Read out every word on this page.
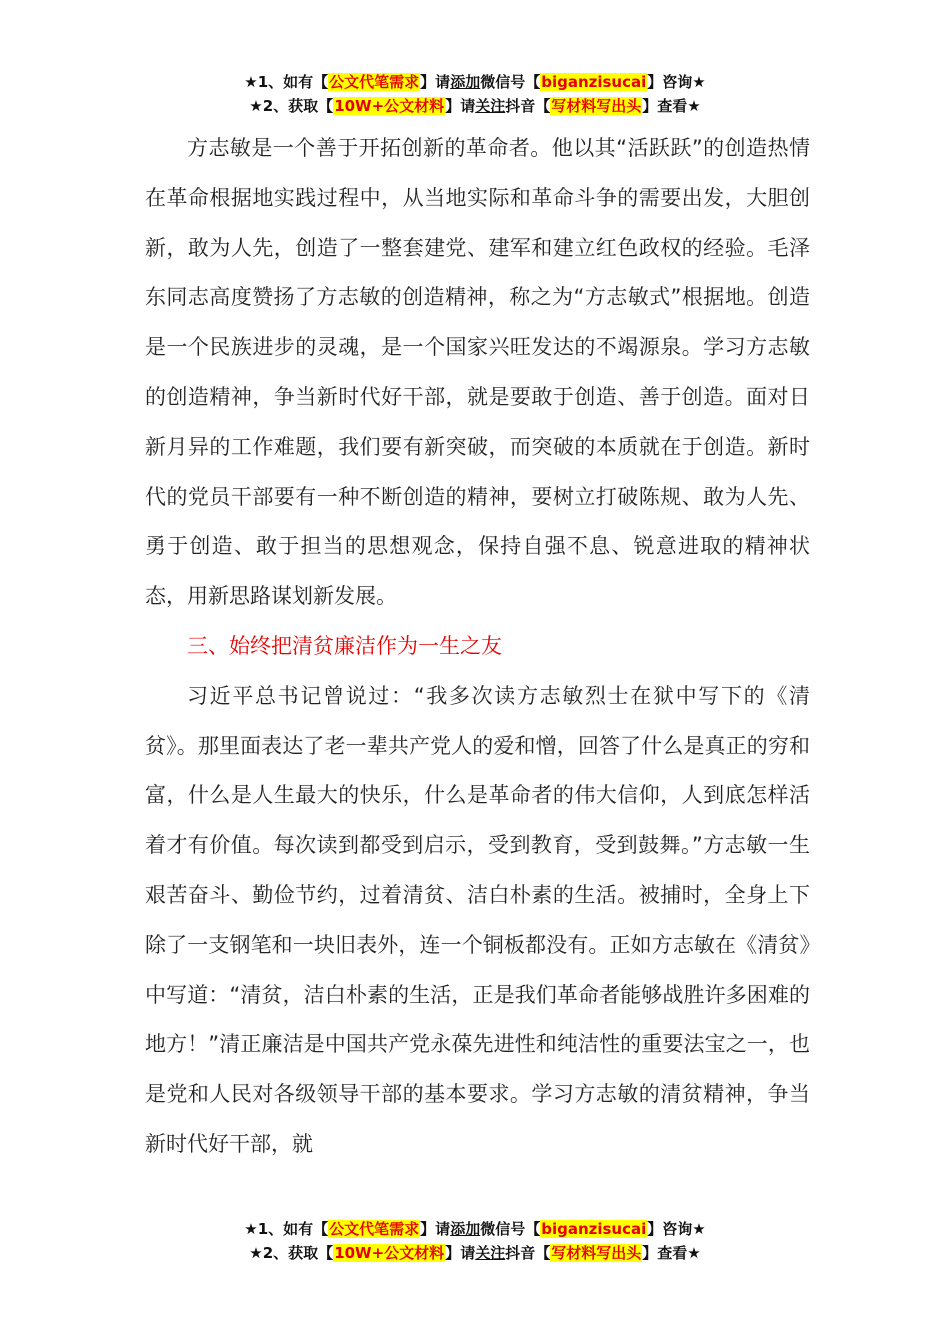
★1、如有【公文代笔需求】请添加微信号【biganzisucai】咨询★
★2、获取【10W+公文材料】请关注抖音【写材料写出头】查看★

方志敏是一个善于开拓创新的革命者。他以其“活跃跃”的创造热情在革命根据地实践过程中，从当地实际和革命斗争的需要出发，大胆创新，敢为人先，创造了一整套建党、建军和建立红色政权的经验。毛泽东同志高度赞扬了方志敏的创造精神，称之为“方志敏式”根据地。创造是一个民族进步的灵魂，是一个国家兴旺发达的不竭源泉。学习方志敏的创造精神，争当新时代好干部，就是要敢于创造、善于创造。面对日新月异的工作难题，我们要有新突破，而突破的本质就在于创造。新时代的党员干部要有一种不断创造的精神，要树立打破陈规、敢为人先、勇于创造、敢于担当的思想观念，保持自强不息、锐意进取的精神状态，用新思路谋划新发展。

三、始终把清贫廉洁作为一生之友

习近平总书记曾说过：“我多次读方志敏烈士在狱中写下的《清贫》。那里面表达了老一辈共产党人的爱和憎，回答了什么是真正的穷和富，什么是人生最大的快乐，什么是革命者的伟大信仰，人到底怎样活着才有价值。每次读到都受到启示，受到教育，受到鼓舞。”方志敏一生艰苦奋斗、勤俭节约，过着清贫、洁白朴素的生活。被捕时，全身上下除了一支钢笔和一块旧表外，连一个铜板都没有。正如方志敏在《清贫》中写道：“清贫，洁白朴素的生活，正是我们革命者能够战胜许多困难的地方！”清正廉洁是中国共产党永葆先进性和纯洁性的重要法宝之一，也是党和人民对各级领导干部的基本要求。学习方志敏的清贫精神，争当新时代好干部，就

★1、如有【公文代笔需求】请添加微信号【biganzisucai】咨询★
★2、获取【10W+公文材料】请关注抖音【写材料写出头】查看★
